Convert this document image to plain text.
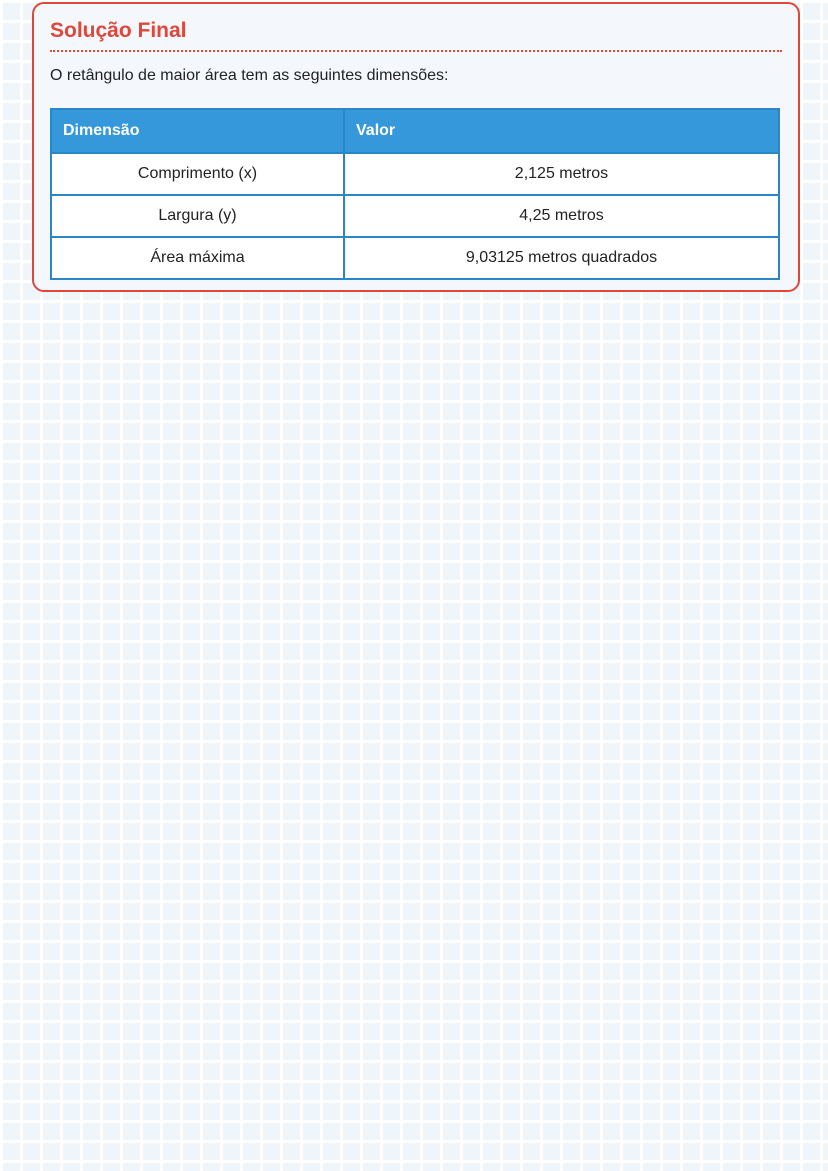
Solução Final

O retângulo de maior área tem as seguintes dimensões:

Dimensão	Valor
Comprimento (x)	2,125 metros
Largura (y)	4,25 metros
Área máxima	9,03125 metros quadrados
